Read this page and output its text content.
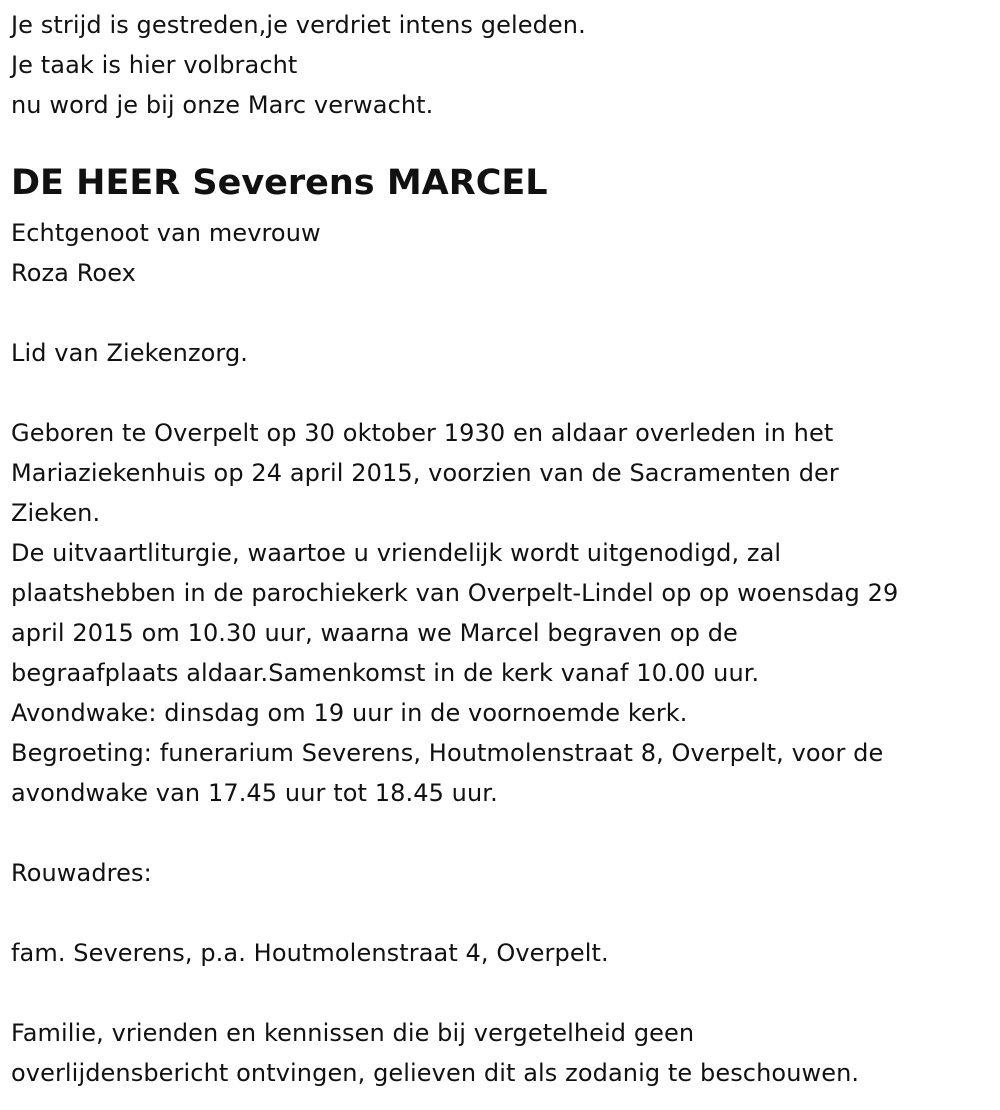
Je strijd is gestreden,je verdriet intens geleden.
Je taak is hier volbracht
nu word je bij onze Marc verwacht.
DE HEER Severens MARCEL
Echtgenoot van mevrouw
Roza Roex
Lid van Ziekenzorg.
Geboren te Overpelt op 30 oktober 1930 en aldaar overleden in het
Mariaziekenhuis op 24 april 2015, voorzien van de Sacramenten der
Zieken.
De uitvaartliturgie, waartoe u vriendelijk wordt uitgenodigd, zal
plaatshebben in de parochiekerk van Overpelt-Lindel op op woensdag 29
april 2015 om 10.30 uur, waarna we Marcel begraven op de
begraafplaats aldaar.Samenkomst in de kerk vanaf 10.00 uur.
Avondwake: dinsdag om 19 uur in de voornoemde kerk.
Begroeting: funerarium Severens, Houtmolenstraat 8, Overpelt, voor de
avondwake van 17.45 uur tot 18.45 uur.
Rouwadres:
fam. Severens, p.a. Houtmolenstraat 4, Overpelt.
Familie, vrienden en kennissen die bij vergetelheid geen
overlijdensbericht ontvingen, gelieven dit als zodanig te beschouwen.
